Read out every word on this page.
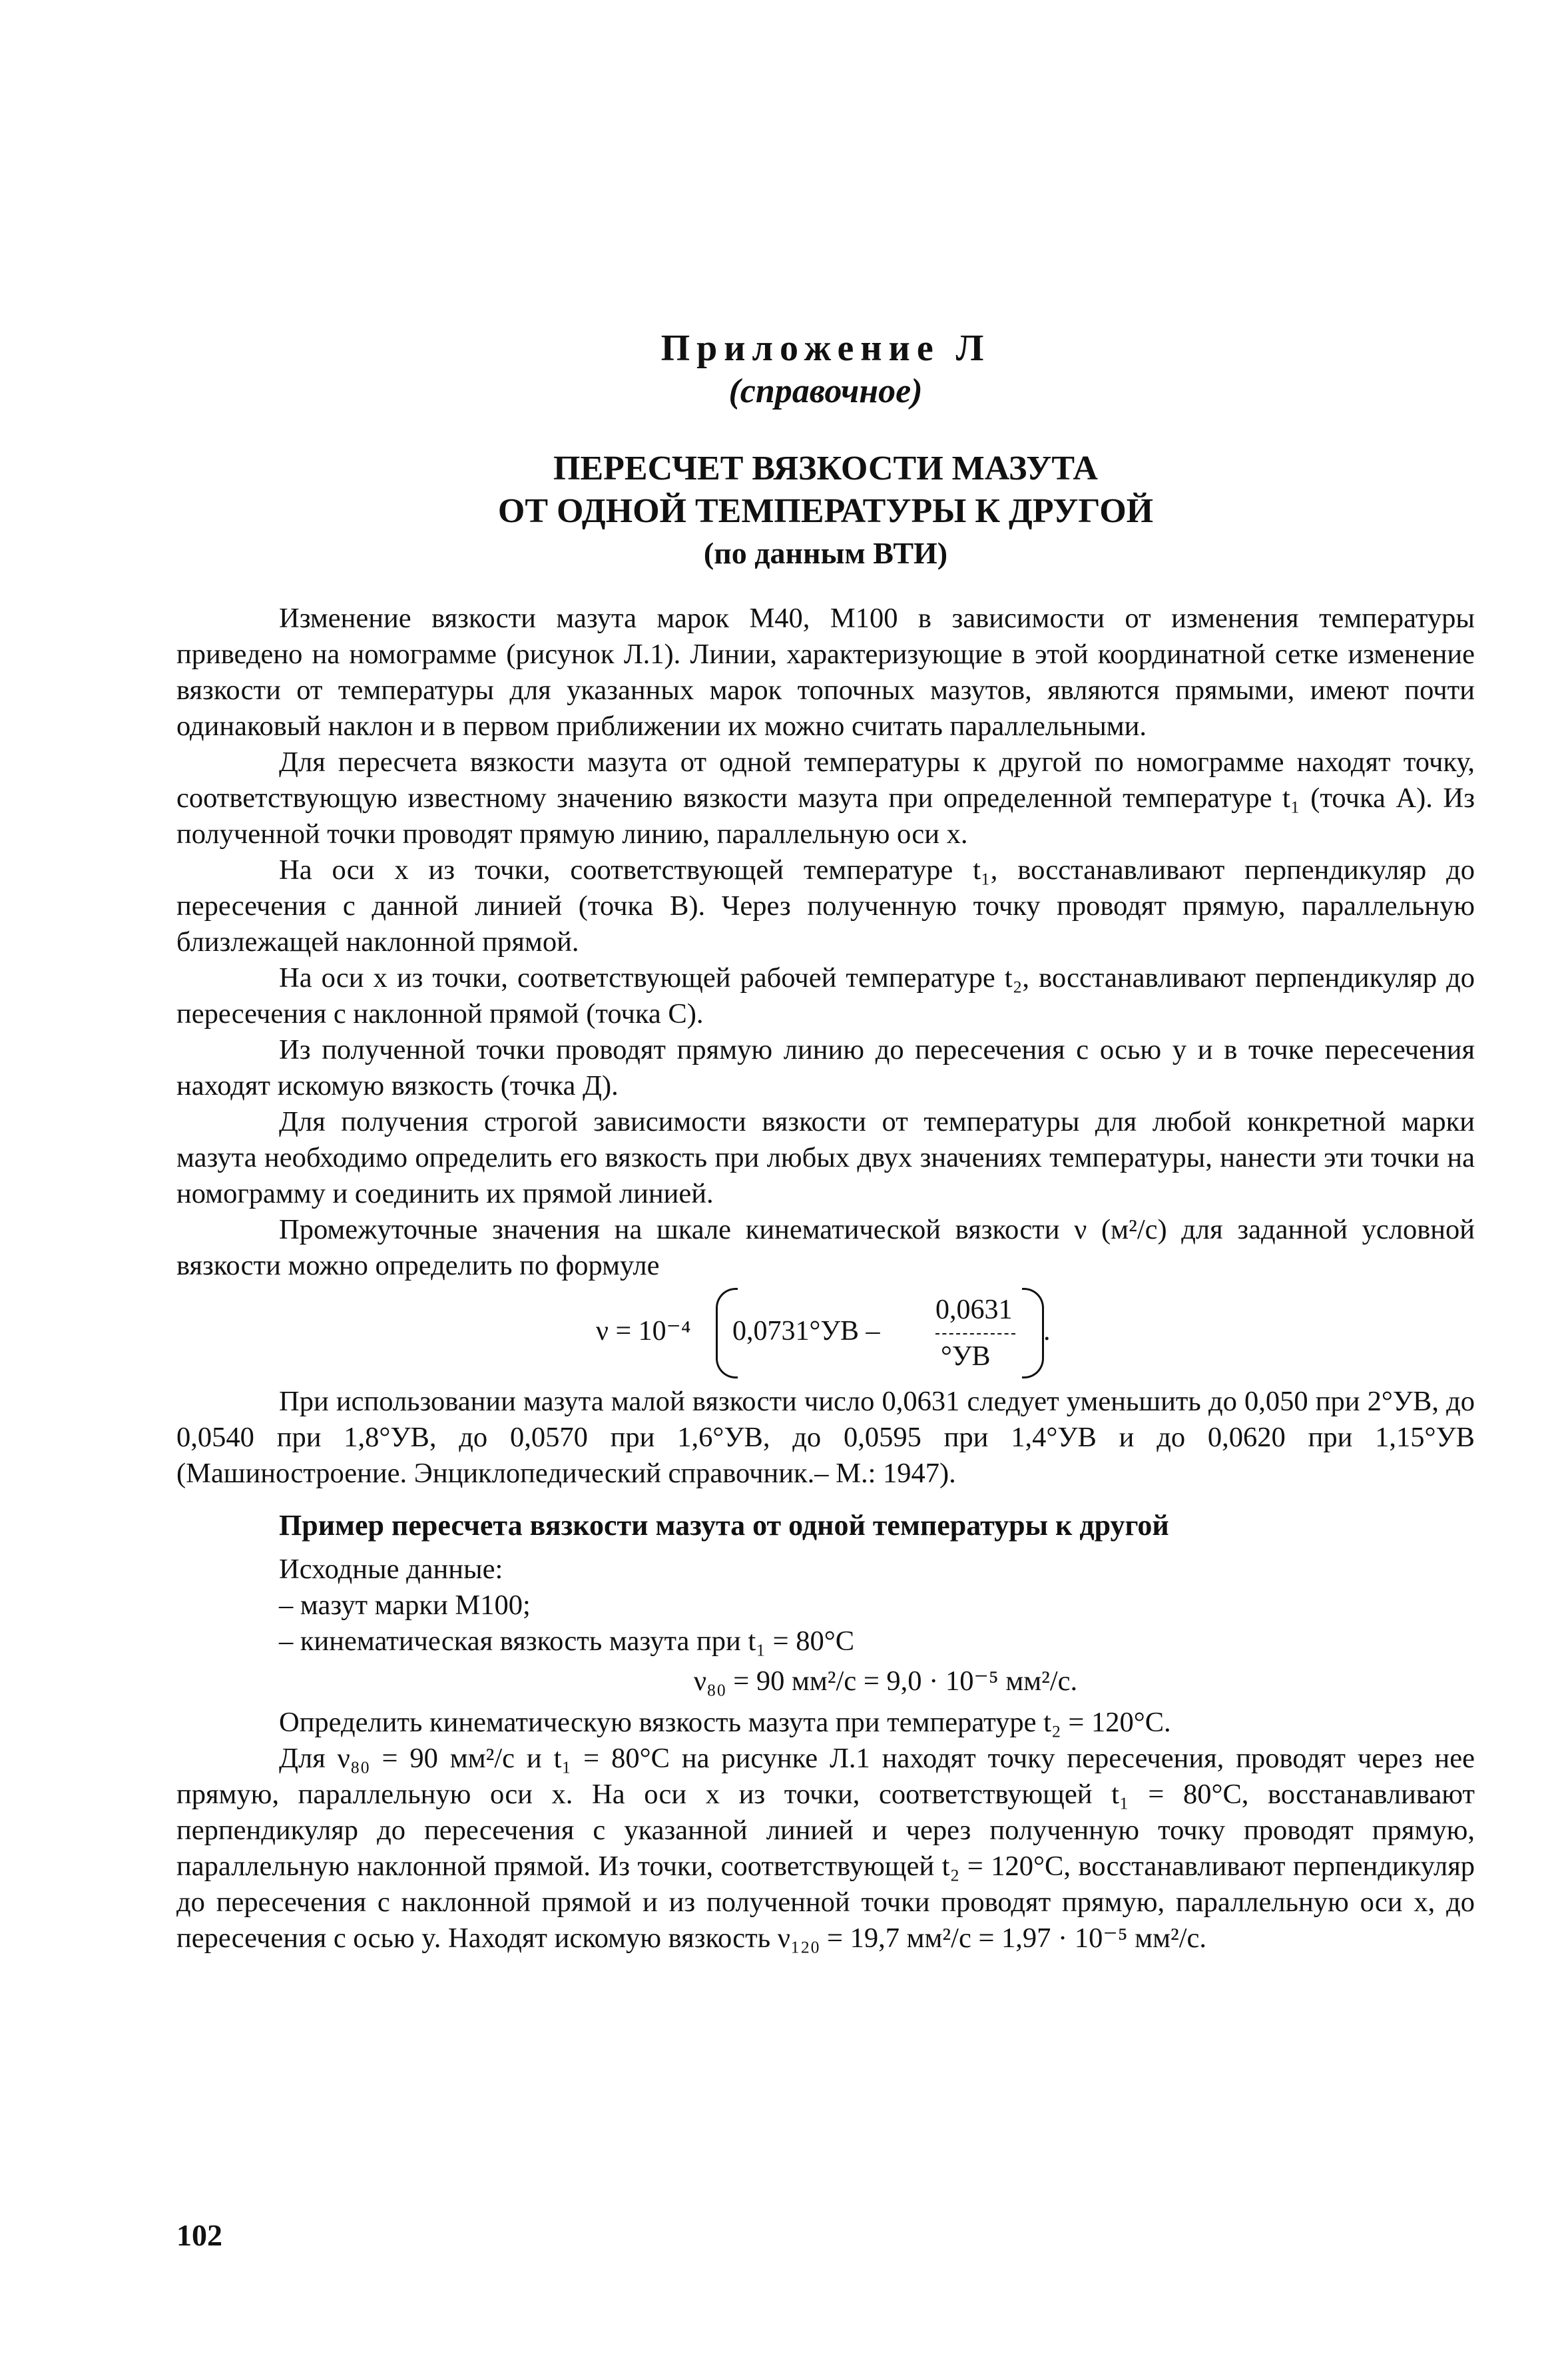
Приложение Л
(справочное)
ПЕРЕСЧЕТ ВЯЗКОСТИ МАЗУТА
ОТ ОДНОЙ ТЕМПЕРАТУРЫ К ДРУГОЙ
(по данным ВТИ)

Изменение вязкости мазута марок М40, М100 в зависимости от изменения температуры приведено на номограмме (рисунок Л.1). Линии, характеризующие в этой координатной сетке изменение вязкости от температуры для указанных марок топочных мазутов, являются прямыми, имеют почти одинаковый наклон и в первом приближении их можно считать параллельными.

Для пересчета вязкости мазута от одной температуры к другой по номограмме находят точку, соответствующую известному значению вязкости мазута при определенной температуре t₁ (точка А). Из полученной точки проводят прямую линию, параллельную оси x.

На оси x из точки, соответствующей температуре t₁, восстанавливают перпендикуляр до пересечения с данной линией (точка В). Через полученную точку проводят прямую, параллельную близлежащей наклонной прямой.

На оси x из точки, соответствующей рабочей температуре t₂, восстанавливают перпендикуляр до пересечения с наклонной прямой (точка С).

Из полученной точки проводят прямую линию до пересечения с осью y и в точке пересечения находят искомую вязкость (точка Д).

Для получения строгой зависимости вязкости от температуры для любой конкретной марки мазута необходимо определить его вязкость при любых двух значениях температуры, нанести эти точки на номограмму и соединить их прямой линией.

Промежуточные значения на шкале кинематической вязкости ν (м²/с) для заданной условной вязкости можно определить по формуле

ν = 10⁻⁴ 0,0731°УВ –
0,0631
°УВ
.

При использовании мазута малой вязкости число 0,0631 следует уменьшить до 0,050 при 2°УВ, до 0,0540 при 1,8°УВ, до 0,0570 при 1,6°УВ, до 0,0595 при 1,4°УВ и до 0,0620 при 1,15°УВ (Машиностроение. Энциклопедический справочник.– М.: 1947).

Пример пересчета вязкости мазута от одной температуры к другой
Исходные данные:
– мазут марки М100;
– кинематическая вязкость мазута при t₁ = 80°С
ν₈₀ = 90 мм²/с = 9,0 · 10⁻⁵ мм²/с.

Определить кинематическую вязкость мазута при температуре t₂ = 120°С.

Для ν₈₀ = 90 мм²/с и t₁ = 80°С на рисунке Л.1 находят точку пересечения, проводят через нее прямую, параллельную оси x. На оси x из точки, соответствующей t₁ = 80°С, восстанавливают перпендикуляр до пересечения с указанной линией и через полученную точку проводят прямую, параллельную наклонной прямой. Из точки, соответствующей t₂ = 120°С, восстанавливают перпендикуляр до пересечения с наклонной прямой и из полученной точки проводят прямую, параллельную оси x, до пересечения с осью y. Находят искомую вязкость ν₁₂₀ = 19,7 мм²/с = 1,97 · 10⁻⁵ мм²/с.

102
